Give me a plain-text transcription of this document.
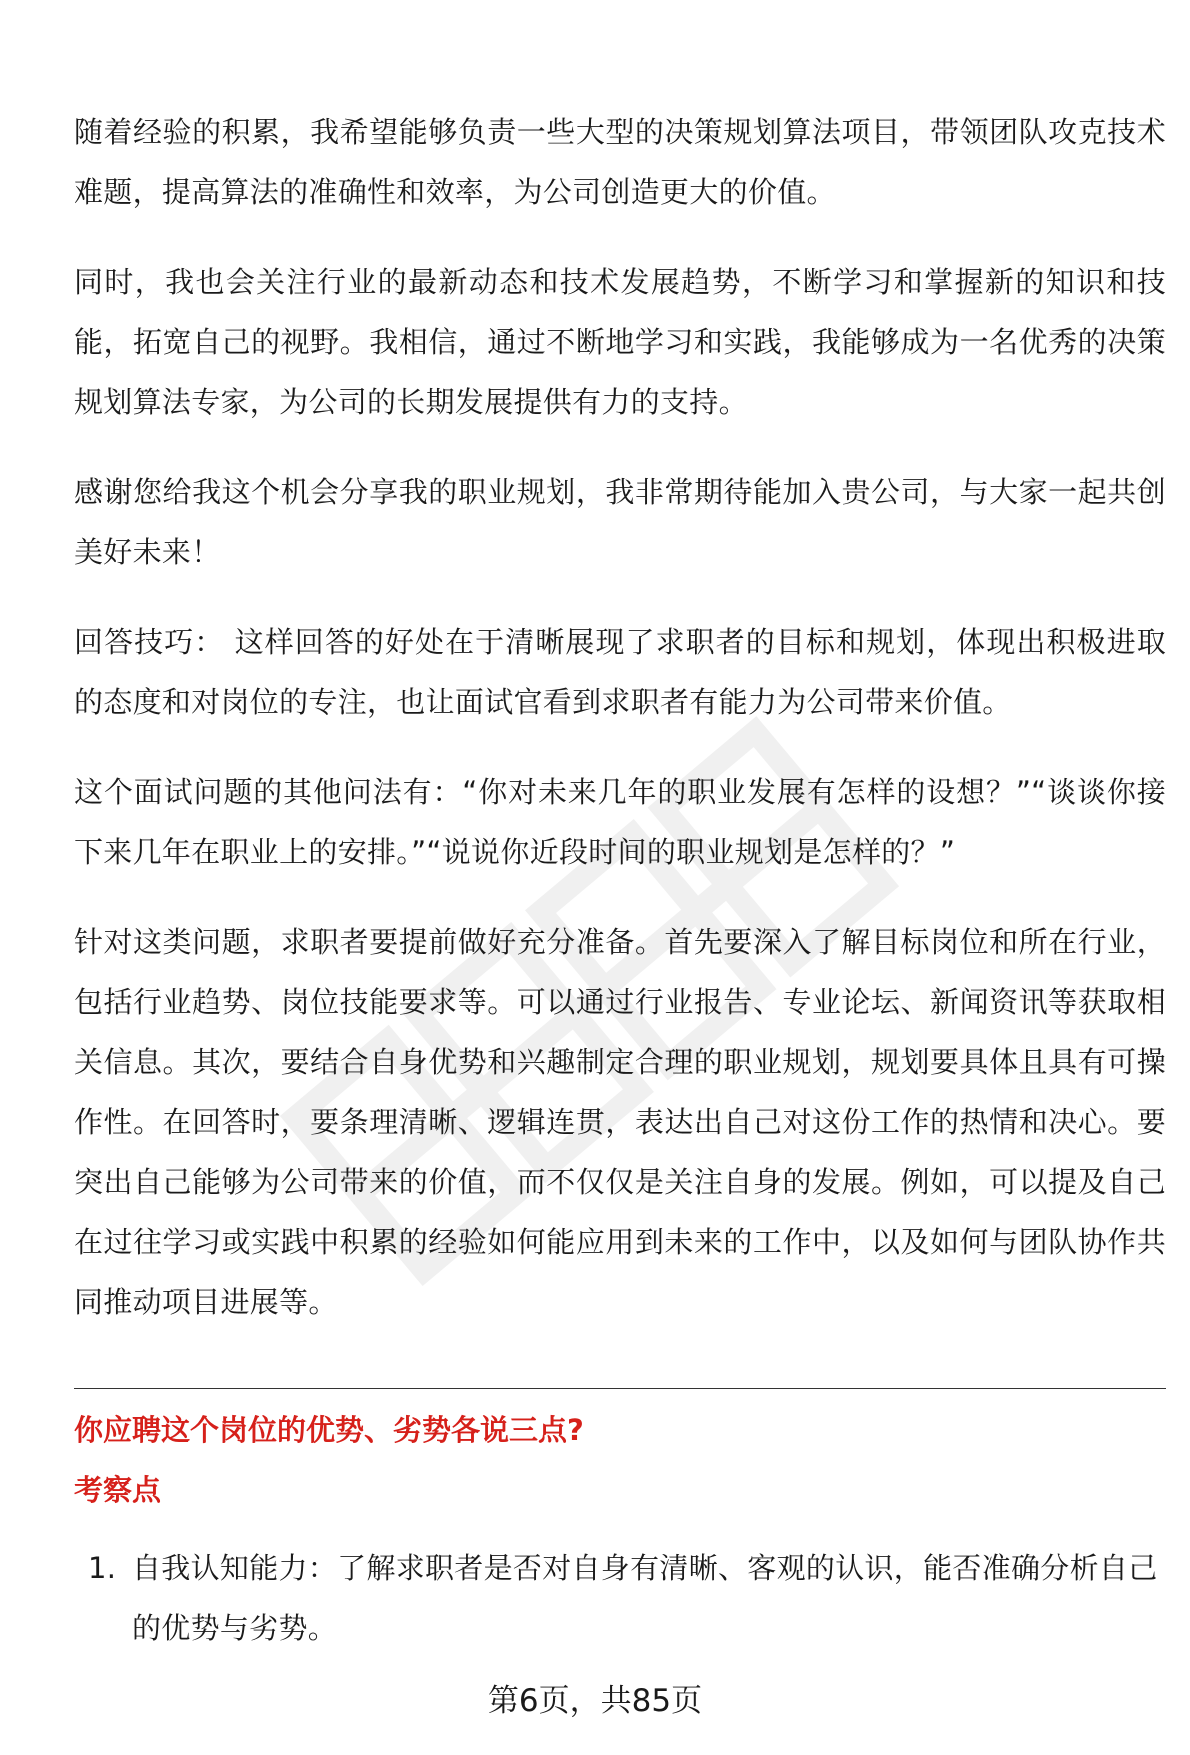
随着经验的积累，我希望能够负责一些大型的决策规划算法项目，带领团队攻克技术难题，提高算法的准确性和效率，为公司创造更大的价值。

同时，我也会关注行业的最新动态和技术发展趋势，不断学习和掌握新的知识和技能，拓宽自己的视野。我相信，通过不断地学习和实践，我能够成为一名优秀的决策规划算法专家，为公司的长期发展提供有力的支持。

感谢您给我这个机会分享我的职业规划，我非常期待能加入贵公司，与大家一起共创美好未来！

回答技巧： 这样回答的好处在于清晰展现了求职者的目标和规划，体现出积极进取的态度和对岗位的专注，也让面试官看到求职者有能力为公司带来价值。

这个面试问题的其他问法有：“你对未来几年的职业发展有怎样的设想？”“谈谈你接下来几年在职业上的安排。”“说说你近段时间的职业规划是怎样的？”

针对这类问题，求职者要提前做好充分准备。首先要深入了解目标岗位和所在行业，包括行业趋势、岗位技能要求等。可以通过行业报告、专业论坛、新闻资讯等获取相关信息。其次，要结合自身优势和兴趣制定合理的职业规划，规划要具体且具有可操作性。在回答时，要条理清晰、逻辑连贯，表达出自己对这份工作的热情和决心。要突出自己能够为公司带来的价值，而不仅仅是关注自身的发展。例如，可以提及自己在过往学习或实践中积累的经验如何能应用到未来的工作中，以及如何与团队协作共同推动项目进展等。

你应聘这个岗位的优势、劣势各说三点?
考察点
1. 自我认知能力：了解求职者是否对自身有清晰、客观的认识，能否准确分析自己的优势与劣势。
第6页，共85页
